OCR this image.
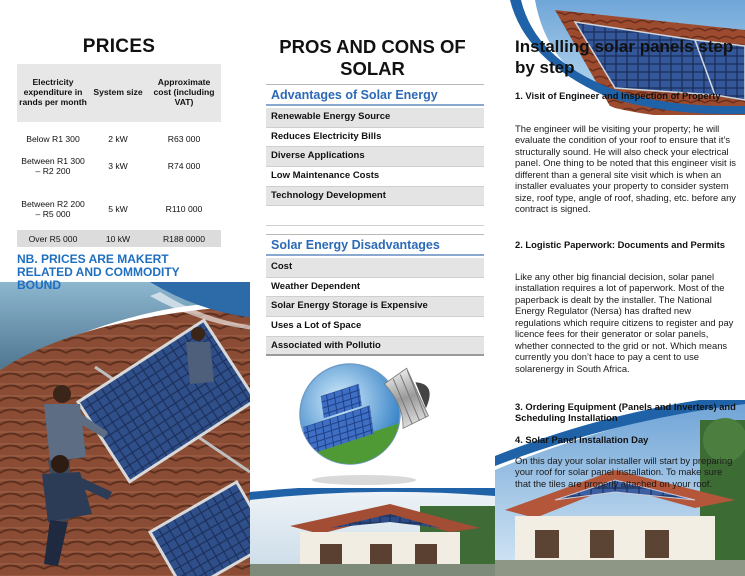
PRICES
Electricity expenditure in rands per month	System size	Approximate cost (including VAT)
Below R1 300	2 kW	R63 000
Between R1 300 – R2 200	3 kW	R74 000
Between R2 200 – R5 000	5 kW	R110 000
Over R5 000	10 kW	R188 0000
NB. PRICES ARE MAKERT RELATED AND COMMODITY BOUND
PROS AND CONS OF
SOLAR
Advantages of Solar Energy
Renewable Energy Source
Reduces Electricity Bills
Diverse Applications
Low Maintenance Costs
Technology Development
Solar Energy Disadvantages
Cost
Weather Dependent
Solar Energy Storage is Expensive
Uses a Lot of Space
Associated with Pollutio
Installing solar panels step by step
1. Visit of Engineer and Inspection of Property
The engineer will be visiting your property; he will evaluate the condition of your roof to ensure that it’s structurally sound. He will also check your electrical panel. One thing to be noted that this engineer visit is different than a general site visit which is when an installer evaluates your property to consider system size, roof type, angle of roof, shading, etc. before any contract is signed.
2. Logistic Paperwork: Documents and Permits
Like any other big financial decision, solar panel installation requires a lot of paperwork. Most of the paperback is dealt by the installer. The National Energy Regulator (Nersa) has drafted new regulations which require citizens to register and pay licence fees for their generator or solar panels, whether connected to the grid or not. Which means currently you don’t hace to pay a cent to use solarenergy in South Africa.
3. Ordering Equipment (Panels and Inverters) and Scheduling Installation
4. Solar Panel Installation Day
On this day your solar installer will start by preparing your roof for solar panel installation. To make sure that the tiles are properly attached on your roof.
